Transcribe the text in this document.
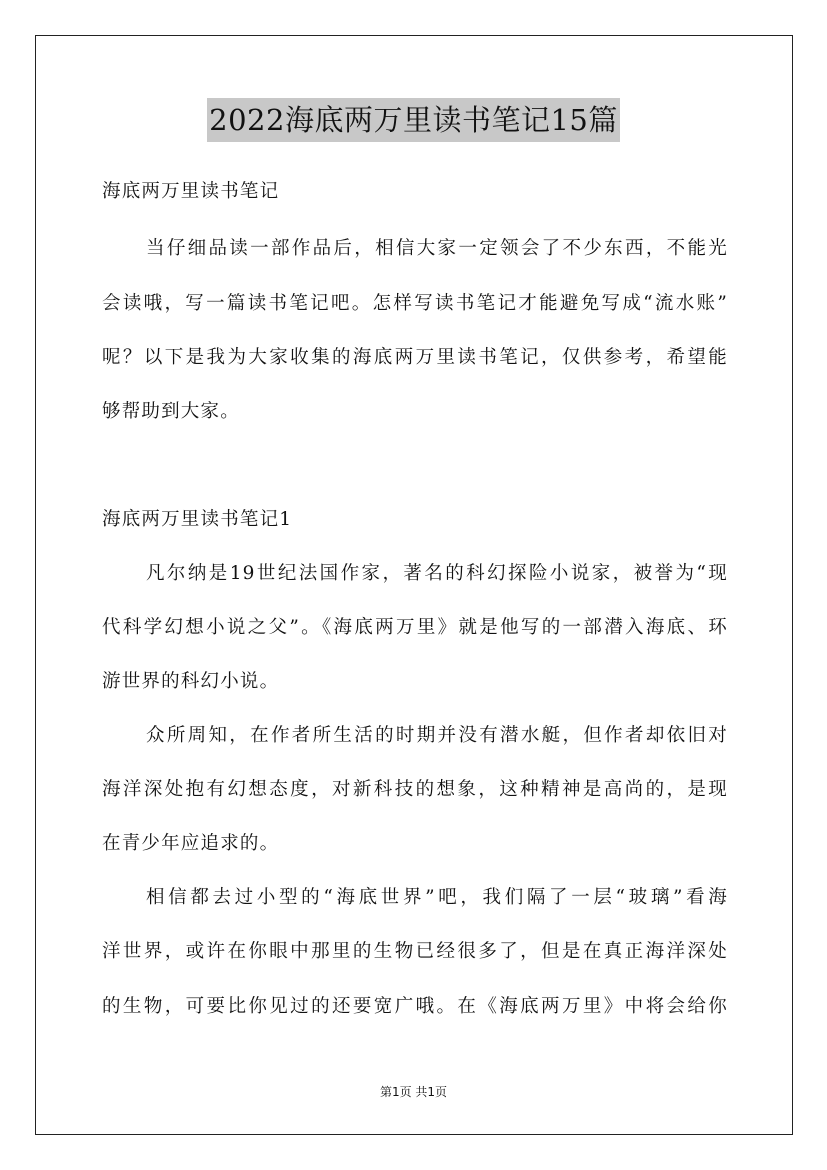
2022海底两万里读书笔记15篇
海底两万里读书笔记
当仔细品读一部作品后，相信大家一定领会了不少东西，不能光
会读哦，写一篇读书笔记吧。怎样写读书笔记才能避免写成“流水账”
呢？以下是我为大家收集的海底两万里读书笔记，仅供参考，希望能
够帮助到大家。
海底两万里读书笔记1
凡尔纳是19世纪法国作家，著名的科幻探险小说家，被誉为“现
代科学幻想小说之父”。《海底两万里》就是他写的一部潜入海底、环
游世界的科幻小说。
众所周知，在作者所生活的时期并没有潜水艇，但作者却依旧对
海洋深处抱有幻想态度，对新科技的想象，这种精神是高尚的，是现
在青少年应追求的。
相信都去过小型的“海底世界”吧，我们隔了一层“玻璃”看海
洋世界，或许在你眼中那里的生物已经很多了，但是在真正海洋深处
的生物，可要比你见过的还要宽广哦。在《海底两万里》中将会给你
第1页 共1页
